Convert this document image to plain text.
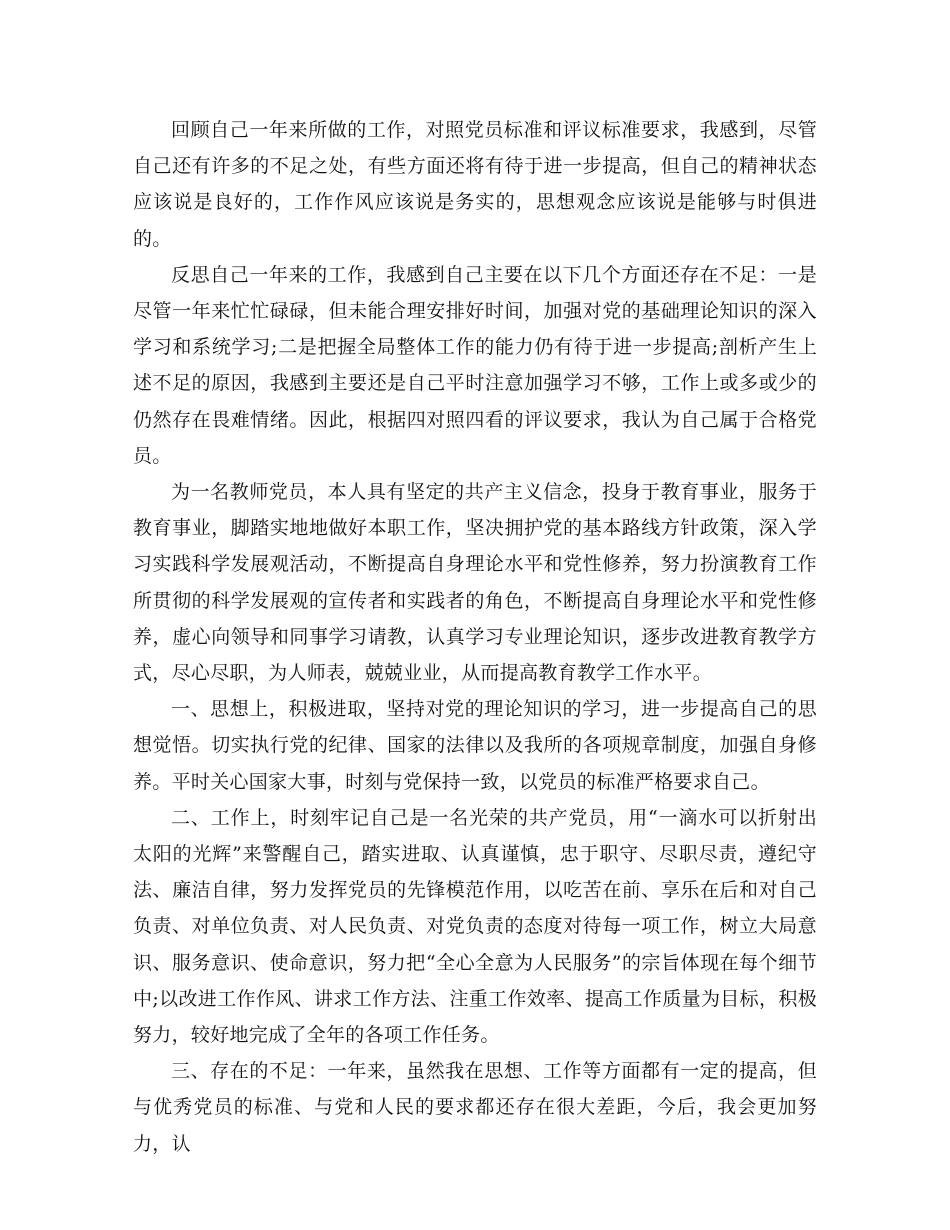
回顾自己一年来所做的工作，对照党员标准和评议标准要求，我感到，尽管自己还有许多的不足之处，有些方面还将有待于进一步提高，但自己的精神状态应该说是良好的，工作作风应该说是务实的，思想观念应该说是能够与时俱进的。

反思自己一年来的工作，我感到自己主要在以下几个方面还存在不足：一是尽管一年来忙忙碌碌，但未能合理安排好时间，加强对党的基础理论知识的深入学习和系统学习;二是把握全局整体工作的能力仍有待于进一步提高;剖析产生上述不足的原因，我感到主要还是自己平时注意加强学习不够，工作上或多或少的仍然存在畏难情绪。因此，根据四对照四看的评议要求，我认为自己属于合格党员。

为一名教师党员，本人具有坚定的共产主义信念，投身于教育事业，服务于教育事业，脚踏实地地做好本职工作，坚决拥护党的基本路线方针政策，深入学习实践科学发展观活动，不断提高自身理论水平和党性修养，努力扮演教育工作所贯彻的科学发展观的宣传者和实践者的角色，不断提高自身理论水平和党性修养，虚心向领导和同事学习请教，认真学习专业理论知识，逐步改进教育教学方式，尽心尽职，为人师表，兢兢业业，从而提高教育教学工作水平。

一、思想上，积极进取，坚持对党的理论知识的学习，进一步提高自己的思想觉悟。切实执行党的纪律、国家的法律以及我所的各项规章制度，加强自身修养。平时关心国家大事，时刻与党保持一致，以党员的标准严格要求自己。

二、工作上，时刻牢记自己是一名光荣的共产党员，用“一滴水可以折射出太阳的光辉”来警醒自己，踏实进取、认真谨慎，忠于职守、尽职尽责，遵纪守法、廉洁自律，努力发挥党员的先锋模范作用，以吃苦在前、享乐在后和对自己负责、对单位负责、对人民负责、对党负责的态度对待每一项工作，树立大局意识、服务意识、使命意识，努力把“全心全意为人民服务”的宗旨体现在每个细节中;以改进工作作风、讲求工作方法、注重工作效率、提高工作质量为目标，积极努力，较好地完成了全年的各项工作任务。

三、存在的不足：一年来，虽然我在思想、工作等方面都有一定的提高，但与优秀党员的标准、与党和人民的要求都还存在很大差距，今后，我会更加努力，认
